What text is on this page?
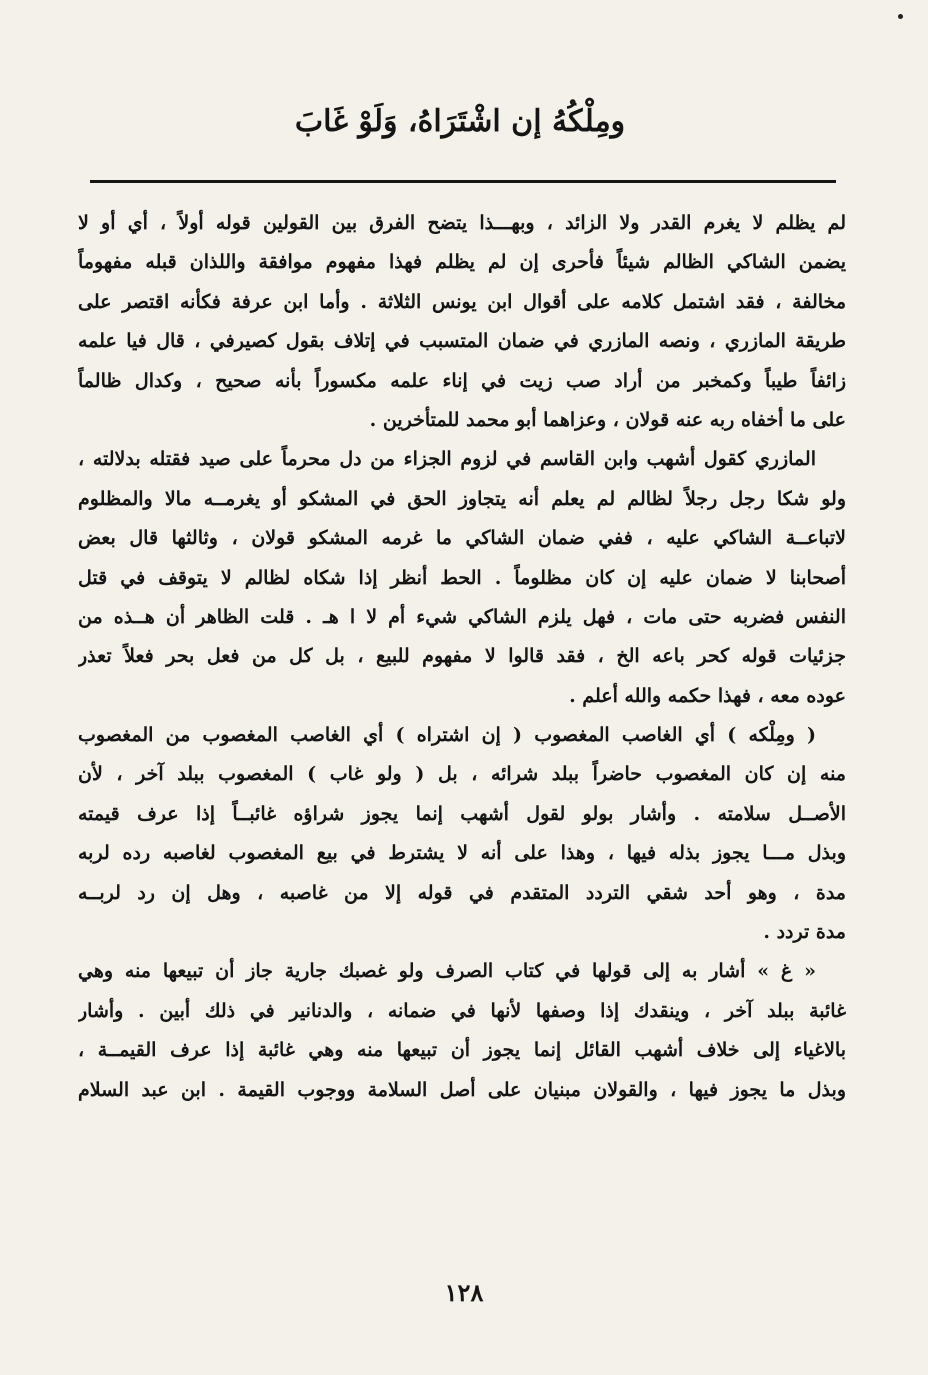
ومِلْكُهُ إن اشْتَرَاهُ، وَلَوْ غَابَ
لم يظلم لا يغرم القدر ولا الزائد ، وبهـــذا يتضح الفرق بين القولين قوله أولاً ، أي أو لا
يضمن الشاكي الظالم شيئاً فأحرى إن لم يظلم فهذا مفهوم موافقة واللذان قبله مفهوماً
مخالفة ، فقد اشتمل كلامه على أقوال ابن يونس الثلاثة . وأما ابن عرفة فكأنه اقتصر على
طريقة المازري ، ونصه المازري في ضمان المتسبب في إتلاف بقول كصيرفي ، قال فيا علمه
زائفاً طيباً وكمخبر من أراد صب زيت في إناء علمه مكسوراً بأنه صحيح ، وكدال ظالماً
على ما أخفاه ربه عنه قولان ، وعزاهما أبو محمد للمتأخرين .
المازري كقول أشهب وابن القاسم في لزوم الجزاء من دل محرماً على صيد فقتله بدلالته ،
ولو شكا رجل رجلاً لظالم لم يعلم أنه يتجاوز الحق في المشكو أو يغرمــه مالا والمظلوم
لاتباعــة الشاكي عليه ، ففي ضمان الشاكي ما غرمه المشكو قولان ، وثالثها قال بعض
أصحابنا لا ضمان عليه إن كان مظلوماً . الحط أنظر إذا شكاه لظالم لا يتوقف في قتل
النفس فضربه حتى مات ، فهل يلزم الشاكي شيء أم لا ا هـ . قلت الظاهر أن هــذه من
جزئيات قوله كحر باعه الخ ، فقد قالوا لا مفهوم للبيع ، بل كل من فعل بحر فعلاً تعذر
عوده معه ، فهذا حكمه والله أعلم .
( ومِلْكه ) أي الغاصب المغصوب ( إن اشتراه ) أي الغاصب المغصوب من المغصوب
منه إن كان المغصوب حاضراً ببلد شرائه ، بل ( ولو غاب ) المغصوب ببلد آخر ، لأن
الأصــل سلامته . وأشار بولو لقول أشهب إنما يجوز شراؤه غائبــاً إذا عرف قيمته
وبذل مـــا يجوز بذله فيها ، وهذا على أنه لا يشترط في بيع المغصوب لغاصبه رده لربه
مدة ، وهو أحد شقي التردد المتقدم في قوله إلا من غاصبه ، وهل إن رد لربــه
مدة تردد .
« غ » أشار به إلى قولها في كتاب الصرف ولو غصبك جارية جاز أن تبيعها منه وهي
غائبة ببلد آخر ، وينقدك إذا وصفها لأنها في ضمانه ، والدنانير في ذلك أبين . وأشار
بالاغياء إلى خلاف أشهب القائل إنما يجوز أن تبيعها منه وهي غائبة إذا عرف القيمــة ،
وبذل ما يجوز فيها ، والقولان مبنيان على أصل السلامة ووجوب القيمة . ابن عبد السلام
١٢٨
